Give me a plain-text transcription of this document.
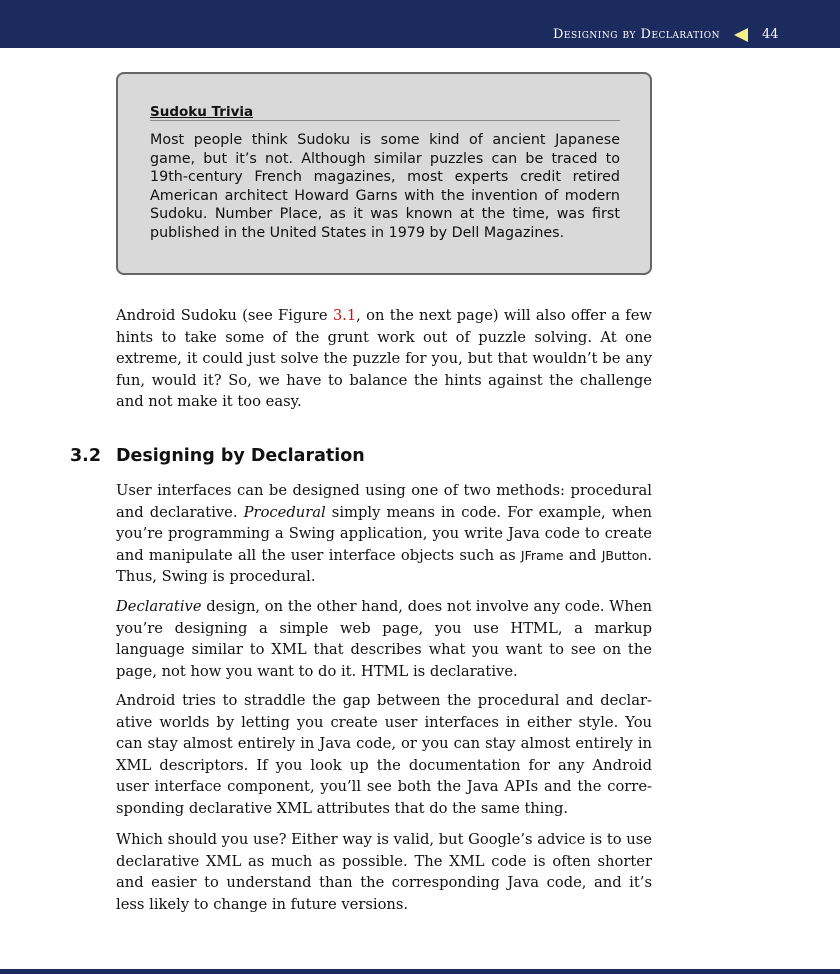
Designing by Declaration	44
Sudoku Trivia
Most people think Sudoku is some kind of ancient Japanese game, but it’s not. Although similar puzzles can be traced to 19th-century French magazines, most experts credit retired American architect Howard Garns with the invention of modern Sudoku. Number Place, as it was known at the time, was first published in the United States in 1979 by Dell Magazines.

Android Sudoku (see Figure 3.1, on the next page) will also offer a few hints to take some of the grunt work out of puzzle solving. At one extreme, it could just solve the puzzle for you, but that wouldn’t be any fun, would it? So, we have to balance the hints against the challenge and not make it too easy.

3.2 Designing by Declaration

User interfaces can be designed using one of two methods: procedural and declarative. Procedural simply means in code. For example, when you’re programming a Swing application, you write Java code to create and manipulate all the user interface objects such as JFrame and JButton. Thus, Swing is procedural.

Declarative design, on the other hand, does not involve any code. When you’re designing a simple web page, you use HTML, a markup language similar to XML that describes what you want to see on the page, not how you want to do it. HTML is declarative.

Android tries to straddle the gap between the procedural and declarative worlds by letting you create user interfaces in either style. You can stay almost entirely in Java code, or you can stay almost entirely in XML descriptors. If you look up the documentation for any Android user interface component, you’ll see both the Java APIs and the corresponding declarative XML attributes that do the same thing.

Which should you use? Either way is valid, but Google’s advice is to use declarative XML as much as possible. The XML code is often shorter and easier to understand than the corresponding Java code, and it’s less likely to change in future versions.
